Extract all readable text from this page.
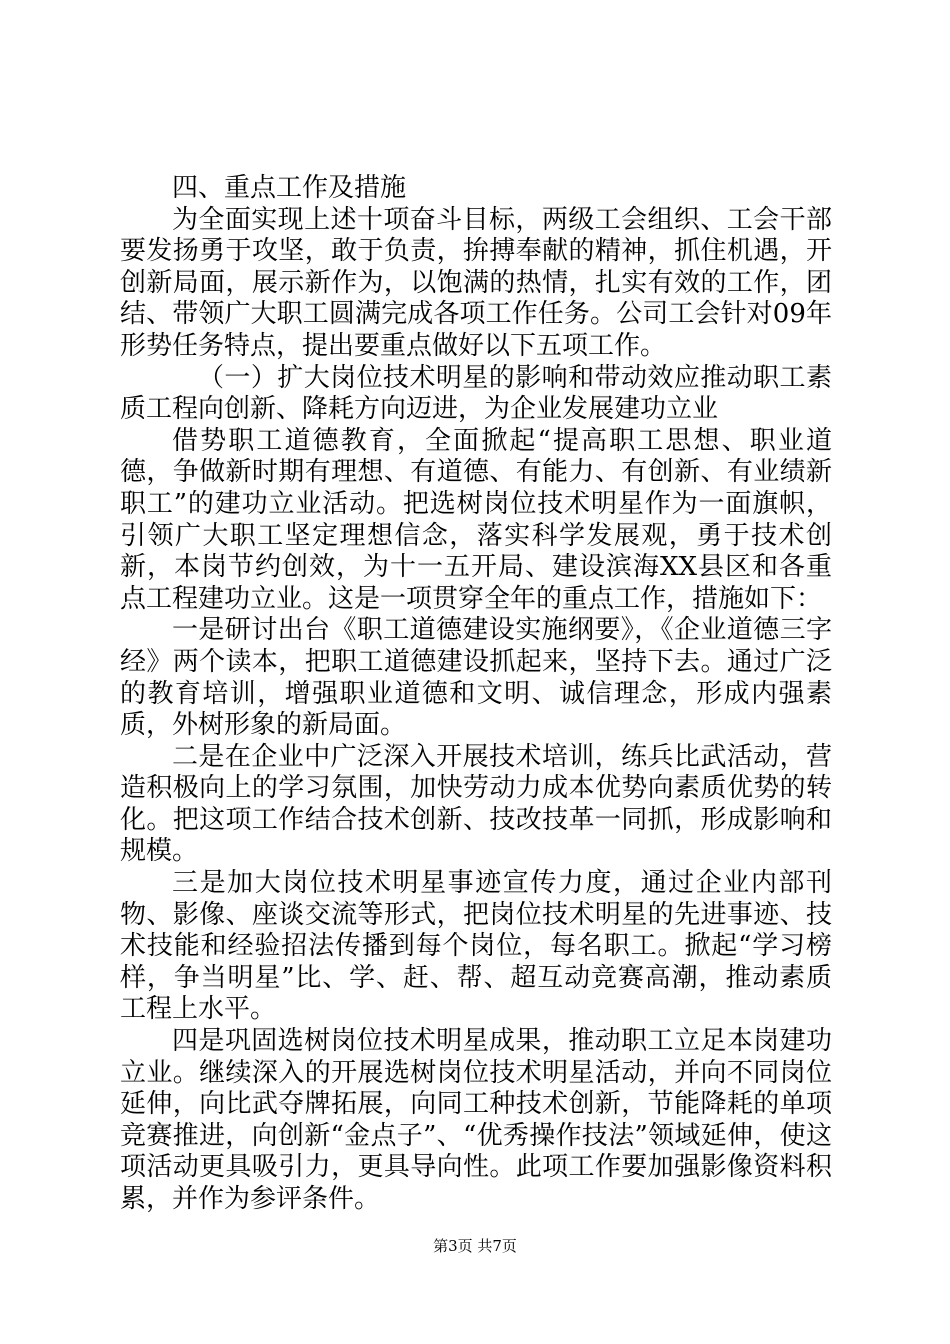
四、重点工作及措施

为全面实现上述十项奋斗目标，两级工会组织、工会干部要发扬勇于攻坚，敢于负责，拚搏奉献的精神，抓住机遇，开创新局面，展示新作为，以饱满的热情，扎实有效的工作，团结、带领广大职工圆满完成各项工作任务。公司工会针对09年形势任务特点，提出要重点做好以下五项工作。

（一）扩大岗位技术明星的影响和带动效应推动职工素质工程向创新、降耗方向迈进，为企业发展建功立业

借势职工道德教育，全面掀起“提高职工思想、职业道德，争做新时期有理想、有道德、有能力、有创新、有业绩新职工”的建功立业活动。把选树岗位技术明星作为一面旗帜，引领广大职工坚定理想信念，落实科学发展观，勇于技术创新，本岗节约创效，为十一五开局、建设滨海XX县区和各重点工程建功立业。这是一项贯穿全年的重点工作，措施如下：

一是研讨出台《职工道德建设实施纲要》，《企业道德三字经》两个读本，把职工道德建设抓起来，坚持下去。通过广泛的教育培训，增强职业道德和文明、诚信理念，形成内强素质，外树形象的新局面。

二是在企业中广泛深入开展技术培训，练兵比武活动，营造积极向上的学习氛围，加快劳动力成本优势向素质优势的转化。把这项工作结合技术创新、技改技革一同抓，形成影响和规模。

三是加大岗位技术明星事迹宣传力度，通过企业内部刊物、影像、座谈交流等形式，把岗位技术明星的先进事迹、技术技能和经验招法传播到每个岗位，每名职工。掀起“学习榜样，争当明星”比、学、赶、帮、超互动竞赛高潮，推动素质工程上水平。

四是巩固选树岗位技术明星成果，推动职工立足本岗建功立业。继续深入的开展选树岗位技术明星活动，并向不同岗位延伸，向比武夺牌拓展，向同工种技术创新，节能降耗的单项竞赛推进，向创新“金点子”、“优秀操作技法”领域延伸，使这项活动更具吸引力，更具导向性。此项工作要加强影像资料积累，并作为参评条件。

第3页 共7页
